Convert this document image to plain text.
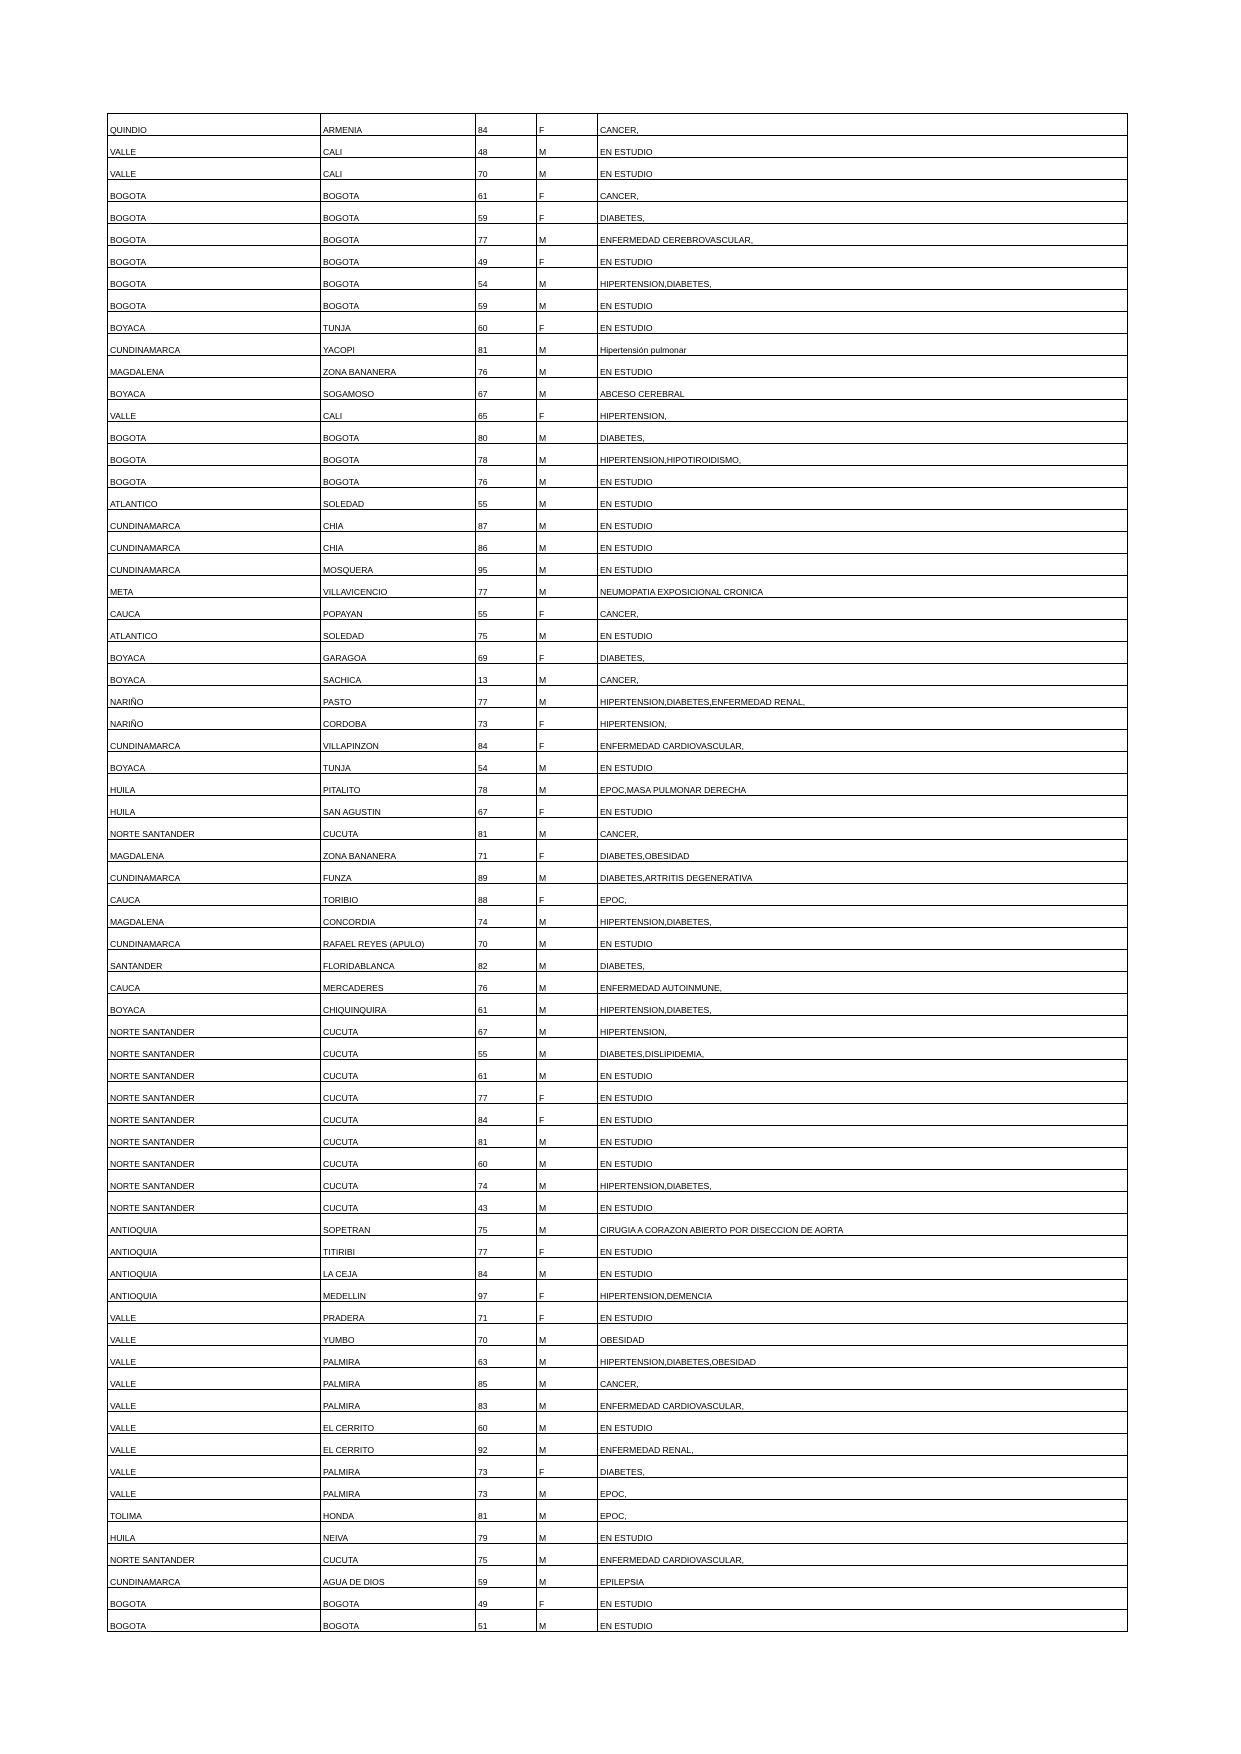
QUINDIO	ARMENIA	84	F	CANCER,
VALLE	CALI	48	M	EN ESTUDIO
VALLE	CALI	70	M	EN ESTUDIO
BOGOTA	BOGOTA	61	F	CANCER,
BOGOTA	BOGOTA	59	F	DIABETES,
BOGOTA	BOGOTA	77	M	ENFERMEDAD CEREBROVASCULAR,
BOGOTA	BOGOTA	49	F	EN ESTUDIO
BOGOTA	BOGOTA	54	M	HIPERTENSION,DIABETES,
BOGOTA	BOGOTA	59	M	EN ESTUDIO
BOYACA	TUNJA	60	F	EN ESTUDIO
CUNDINAMARCA	YACOPI	81	M	Hipertensión pulmonar
MAGDALENA	ZONA BANANERA	76	M	EN ESTUDIO
BOYACA	SOGAMOSO	67	M	ABCESO CEREBRAL
VALLE	CALI	65	F	HIPERTENSION,
BOGOTA	BOGOTA	80	M	DIABETES,
BOGOTA	BOGOTA	78	M	HIPERTENSION,HIPOTIROIDISMO,
BOGOTA	BOGOTA	76	M	EN ESTUDIO
ATLANTICO	SOLEDAD	55	M	EN ESTUDIO
CUNDINAMARCA	CHIA	87	M	EN ESTUDIO
CUNDINAMARCA	CHIA	86	M	EN ESTUDIO
CUNDINAMARCA	MOSQUERA	95	M	EN ESTUDIO
META	VILLAVICENCIO	77	M	NEUMOPATIA EXPOSICIONAL CRONICA
CAUCA	POPAYAN	55	F	CANCER,
ATLANTICO	SOLEDAD	75	M	EN ESTUDIO
BOYACA	GARAGOA	69	F	DIABETES,
BOYACA	SACHICA	13	M	CANCER,
NARIÑO	PASTO	77	M	HIPERTENSION,DIABETES,ENFERMEDAD RENAL,
NARIÑO	CORDOBA	73	F	HIPERTENSION,
CUNDINAMARCA	VILLAPINZON	84	F	ENFERMEDAD CARDIOVASCULAR,
BOYACA	TUNJA	54	M	EN ESTUDIO
HUILA	PITALITO	78	M	EPOC,MASA PULMONAR DERECHA
HUILA	SAN AGUSTIN	67	F	EN ESTUDIO
NORTE SANTANDER	CUCUTA	81	M	CANCER,
MAGDALENA	ZONA BANANERA	71	F	DIABETES,OBESIDAD
CUNDINAMARCA	FUNZA	89	M	DIABETES,ARTRITIS DEGENERATIVA
CAUCA	TORIBIO	88	F	EPOC,
MAGDALENA	CONCORDIA	74	M	HIPERTENSION,DIABETES,
CUNDINAMARCA	RAFAEL REYES (APULO)	70	M	EN ESTUDIO
SANTANDER	FLORIDABLANCA	82	M	DIABETES,
CAUCA	MERCADERES	76	M	ENFERMEDAD AUTOINMUNE,
BOYACA	CHIQUINQUIRA	61	M	HIPERTENSION,DIABETES,
NORTE SANTANDER	CUCUTA	67	M	HIPERTENSION,
NORTE SANTANDER	CUCUTA	55	M	DIABETES,DISLIPIDEMIA,
NORTE SANTANDER	CUCUTA	61	M	EN ESTUDIO
NORTE SANTANDER	CUCUTA	77	F	EN ESTUDIO
NORTE SANTANDER	CUCUTA	84	F	EN ESTUDIO
NORTE SANTANDER	CUCUTA	81	M	EN ESTUDIO
NORTE SANTANDER	CUCUTA	60	M	EN ESTUDIO
NORTE SANTANDER	CUCUTA	74	M	HIPERTENSION,DIABETES,
NORTE SANTANDER	CUCUTA	43	M	EN ESTUDIO
ANTIOQUIA	SOPETRAN	75	M	CIRUGIA A CORAZON ABIERTO POR DISECCION DE AORTA
ANTIOQUIA	TITIRIBI	77	F	EN ESTUDIO
ANTIOQUIA	LA CEJA	84	M	EN ESTUDIO
ANTIOQUIA	MEDELLIN	97	F	HIPERTENSION,DEMENCIA
VALLE	PRADERA	71	F	EN ESTUDIO
VALLE	YUMBO	70	M	OBESIDAD
VALLE	PALMIRA	63	M	HIPERTENSION,DIABETES,OBESIDAD
VALLE	PALMIRA	85	M	CANCER,
VALLE	PALMIRA	83	M	ENFERMEDAD CARDIOVASCULAR,
VALLE	EL CERRITO	60	M	EN ESTUDIO
VALLE	EL CERRITO	92	M	ENFERMEDAD RENAL,
VALLE	PALMIRA	73	F	DIABETES,
VALLE	PALMIRA	73	M	EPOC,
TOLIMA	HONDA	81	M	EPOC,
HUILA	NEIVA	79	M	EN ESTUDIO
NORTE SANTANDER	CUCUTA	75	M	ENFERMEDAD CARDIOVASCULAR,
CUNDINAMARCA	AGUA DE DIOS	59	M	EPILEPSIA
BOGOTA	BOGOTA	49	F	EN ESTUDIO
BOGOTA	BOGOTA	51	M	EN ESTUDIO
